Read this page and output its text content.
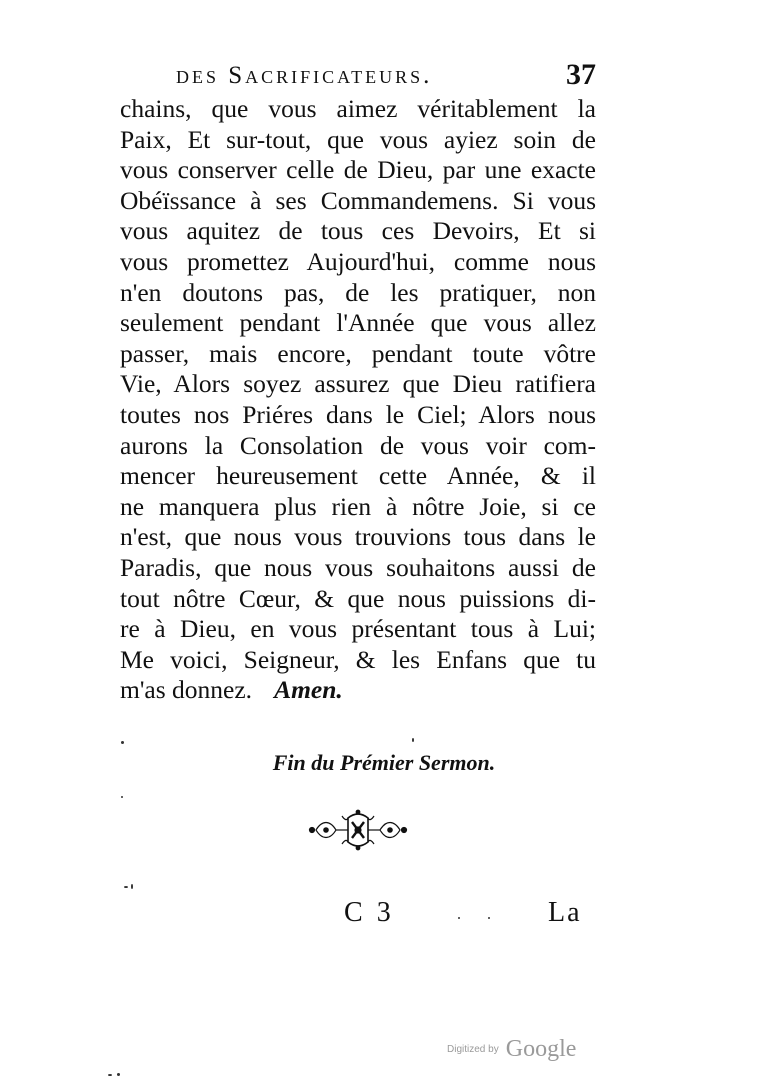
des Sacrificateurs.	37
chains, que vous aimez véritablement la
Paix, Et sur-tout, que vous ayiez soin de
vous conserver celle de Dieu, par une exacte
Obéïssance à ses Commandemens. Si vous
vous aquitez de tous ces Devoirs, Et si
vous promettez Aujourd'hui, comme nous
n'en doutons pas, de les pratiquer, non
seulement pendant l'Année que vous allez
passer, mais encore, pendant toute vôtre
Vie, Alors soyez assurez que Dieu ratifiera
toutes nos Priéres dans le Ciel; Alors nous
aurons la Consolation de vous voir com-
mencer heureusement cette Année, & il
ne manquera plus rien à nôtre Joie, si ce
n'est, que nous vous trouvions tous dans le
Paradis, que nous vous souhaitons aussi de
tout nôtre Cœur, & que nous puissions di-
re à Dieu, en vous présentant tous à Lui;
Me voici, Seigneur, & les Enfans que tu
m'as donnez. Amen.
Fin du Prémier Sermon.
C 3	La
Digitized by Google
